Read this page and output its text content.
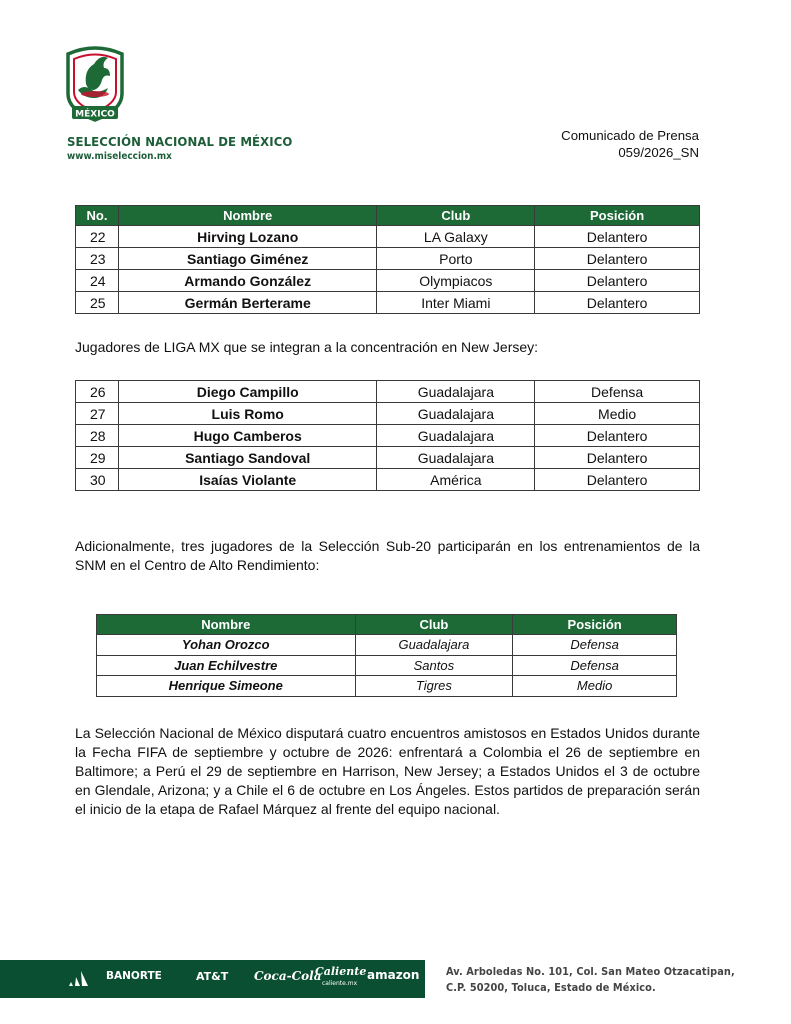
MÉXICO
SELECCIÓN NACIONAL DE MÉXICO
www.miseleccion.mx
Comunicado de Prensa
059/2026_SN
No.	Nombre	Club	Posición
22	Hirving Lozano	LA Galaxy	Delantero
23	Santiago Giménez	Porto	Delantero
24	Armando González	Olympiacos	Delantero
25	Germán Berterame	Inter Miami	Delantero

Jugadores de LIGA MX que se integran a la concentración en New Jersey:

26	Diego Campillo	Guadalajara	Defensa
27	Luis Romo	Guadalajara	Medio
28	Hugo Camberos	Guadalajara	Delantero
29	Santiago Sandoval	Guadalajara	Delantero
30	Isaías Violante	América	Delantero

Adicionalmente, tres jugadores de la Selección Sub-20 participarán en los entrenamientos de la SNM en el Centro de Alto Rendimiento:

Nombre	Club	Posición
Yohan Orozco	Guadalajara	Defensa
Juan Echilvestre	Santos	Defensa
Henrique Simeone	Tigres	Medio

La Selección Nacional de México disputará cuatro encuentros amistosos en Estados Unidos durante la Fecha FIFA de septiembre y octubre de 2026: enfrentará a Colombia el 26 de septiembre en Baltimore; a Perú el 29 de septiembre en Harrison, New Jersey; a Estados Unidos el 3 de octubre en Glendale, Arizona; y a Chile el 6 de octubre en Los Ángeles. Estos partidos de preparación serán el inicio de la etapa de Rafael Márquez al frente del equipo nacional.

BANORTE	AT&T Coca-Cola
Caliente
caliente.mx
amazon	Av. Arboledas No. 101, Col. San Mateo Otzacatipan,
C.P. 50200, Toluca, Estado de México.
